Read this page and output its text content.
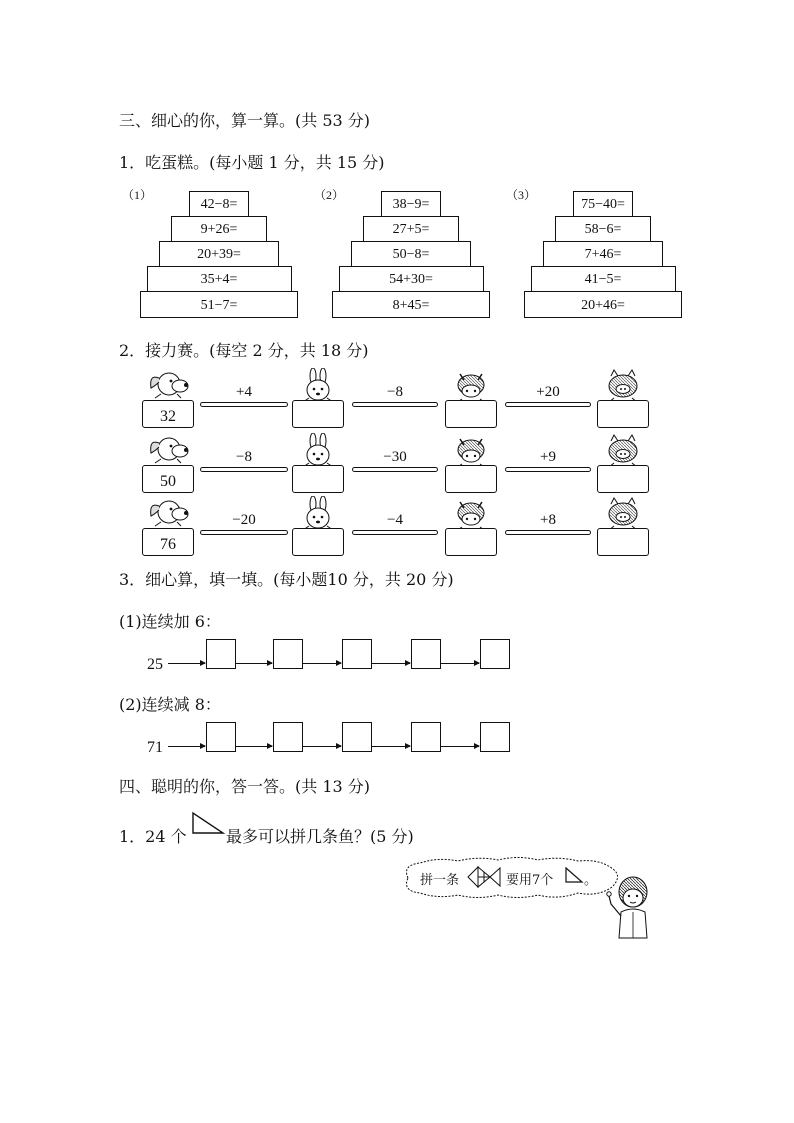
三、细心的你，算一算。(共 53 分)
1．吃蛋糕。(每小题 1 分，共 15 分)
（1）
42−8=
9+26=
20+39=
35+4=
51−7=
（2）
38−9=
27+5=
50−8=
54+30=
8+45=
（3）
75−40=
58−6=
7+46=
41−5=
20+46=
2．接力赛。(每空 2 分，共 18 分)
32
+4	−8	+20
50
−8	−30	+9
76
−20	−4	+8
3．细心算，填一填。(每小题10 分，共 20 分)
(1)连续加 6：
25
(2)连续减 8：
71
四、聪明的你，答一答。(共 13 分)
1．24 个 最多可以拼几条鱼？(5 分)
拼一条	要用7个 。
